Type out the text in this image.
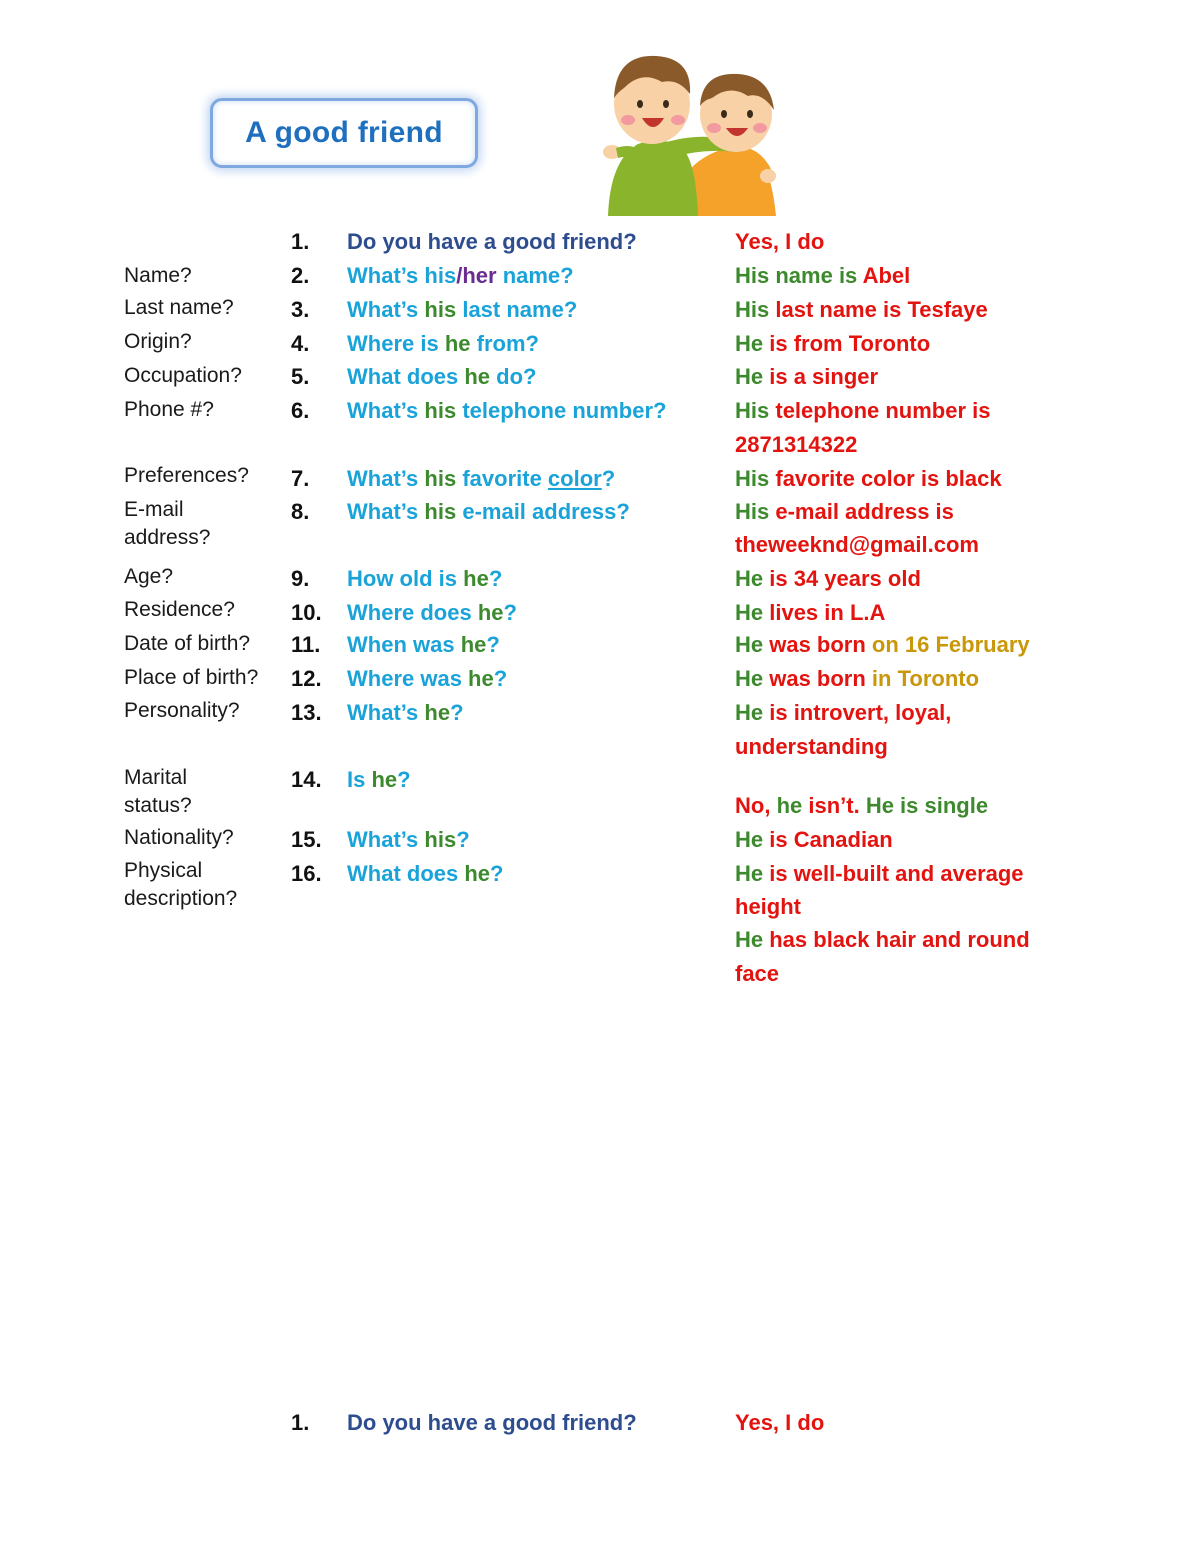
A good friend
1. Do you have a good friend?	Yes, I do
Name?	2. What’s his/her name?	His name is Abel
Last name?	3. What’s his last name?	His last name is Tesfaye
Origin?	4. Where is he from?	He is from Toronto
Occupation? 5. What does he do?	He is a singer
Phone #?	6. What’s his telephone number?	His telephone number is
2871314322
Preferences? 7. What’s his favorite color?	His favorite color is black
E-mail
address?
8. What’s his e-mail address?	His e-mail address is
theweeknd@gmail.com
Age?	9. How old is he?	He is 34 years old
Residence?	10. Where does he?	He lives in L.A
Date of birth? 11. When was he?	He was born on 16 February
Place of birth? 12. Where was he?	He was born in Toronto
Personality? 13. What’s he?	He is introvert, loyal,
understanding
Marital
status?
14. Is he?
No, he isn’t. He is single
Nationality?	15. What’s his?	He is Canadian
Physical
description?
16. What does he?	He is well-built and average
height
He has black hair and round
face
1. Do you have a good friend?	Yes, I do
